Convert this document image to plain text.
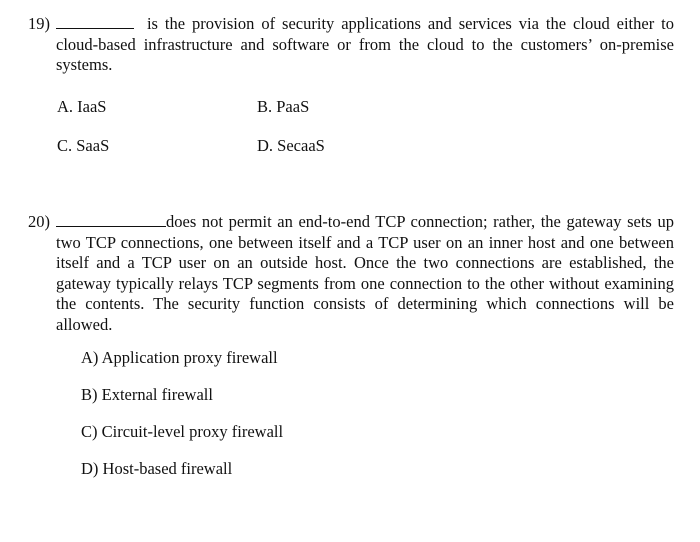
19)	is the provision of security applications and services via the cloud either to cloud-based infrastructure and software or from the cloud to the customers’ on-premise systems.
A. IaaS	B. PaaS
C. SaaS	D. SecaaS
20)	does not permit an end-to-end TCP connection; rather, the gateway sets up two TCP connections, one between itself and a TCP user on an inner host and one between itself and a TCP user on an outside host. Once the two connections are established, the gateway typically relays TCP segments from one connection to the other without examining the contents. The security function consists of determining which connections will be allowed.
A) Application proxy firewall
B) External firewall
C) Circuit-level proxy firewall
D) Host-based firewall
